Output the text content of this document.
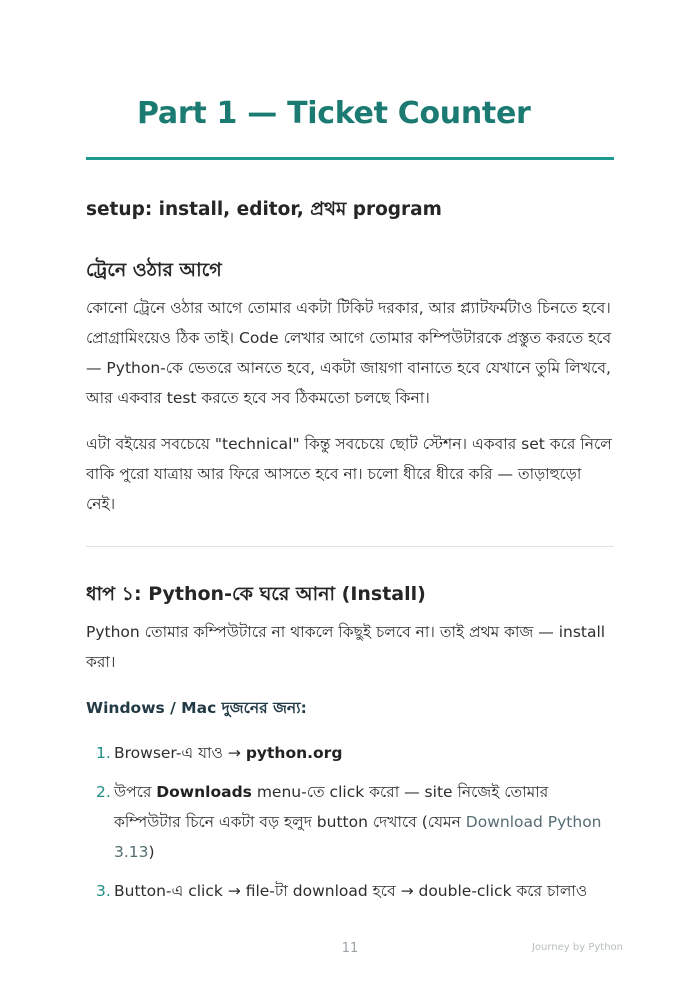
Part 1 — Ticket Counter
setup: install, editor, প্রথম program
ট্রেনে ওঠার আগে

কোনো ট্রেনে ওঠার আগে তোমার একটা টিকিট দরকার, আর প্ল্যাটফর্মটাও চিনতে হবে। প্রোগ্রামিংয়েও ঠিক তাই। Code লেখার আগে তোমার কম্পিউটারকে প্রস্তুত করতে হবে — Python-কে ভেতরে আনতে হবে, একটা জায়গা বানাতে হবে যেখানে তুমি লিখবে, আর একবার test করতে হবে সব ঠিকমতো চলছে কিনা।

এটা বইয়ের সবচেয়ে "technical" কিন্তু সবচেয়ে ছোট স্টেশন। একবার set করে নিলে বাকি পুরো যাত্রায় আর ফিরে আসতে হবে না। চলো ধীরে ধীরে করি — তাড়াহুড়ো নেই।

ধাপ ১: Python-কে ঘরে আনা (Install)

Python তোমার কম্পিউটারে না থাকলে কিছুই চলবে না। তাই প্রথম কাজ — install করা।

Windows / Mac দুজনের জন্য:
1. Browser-এ যাও → python.org
2. উপরে Downloads menu-তে click করো — site নিজেই তোমার কম্পিউটার চিনে একটা বড় হলুদ button দেখাবে (যেমন Download Python 3.13)
3. Button-এ click → file-টা download হবে → double-click করে চালাও
11	Journey by Python
